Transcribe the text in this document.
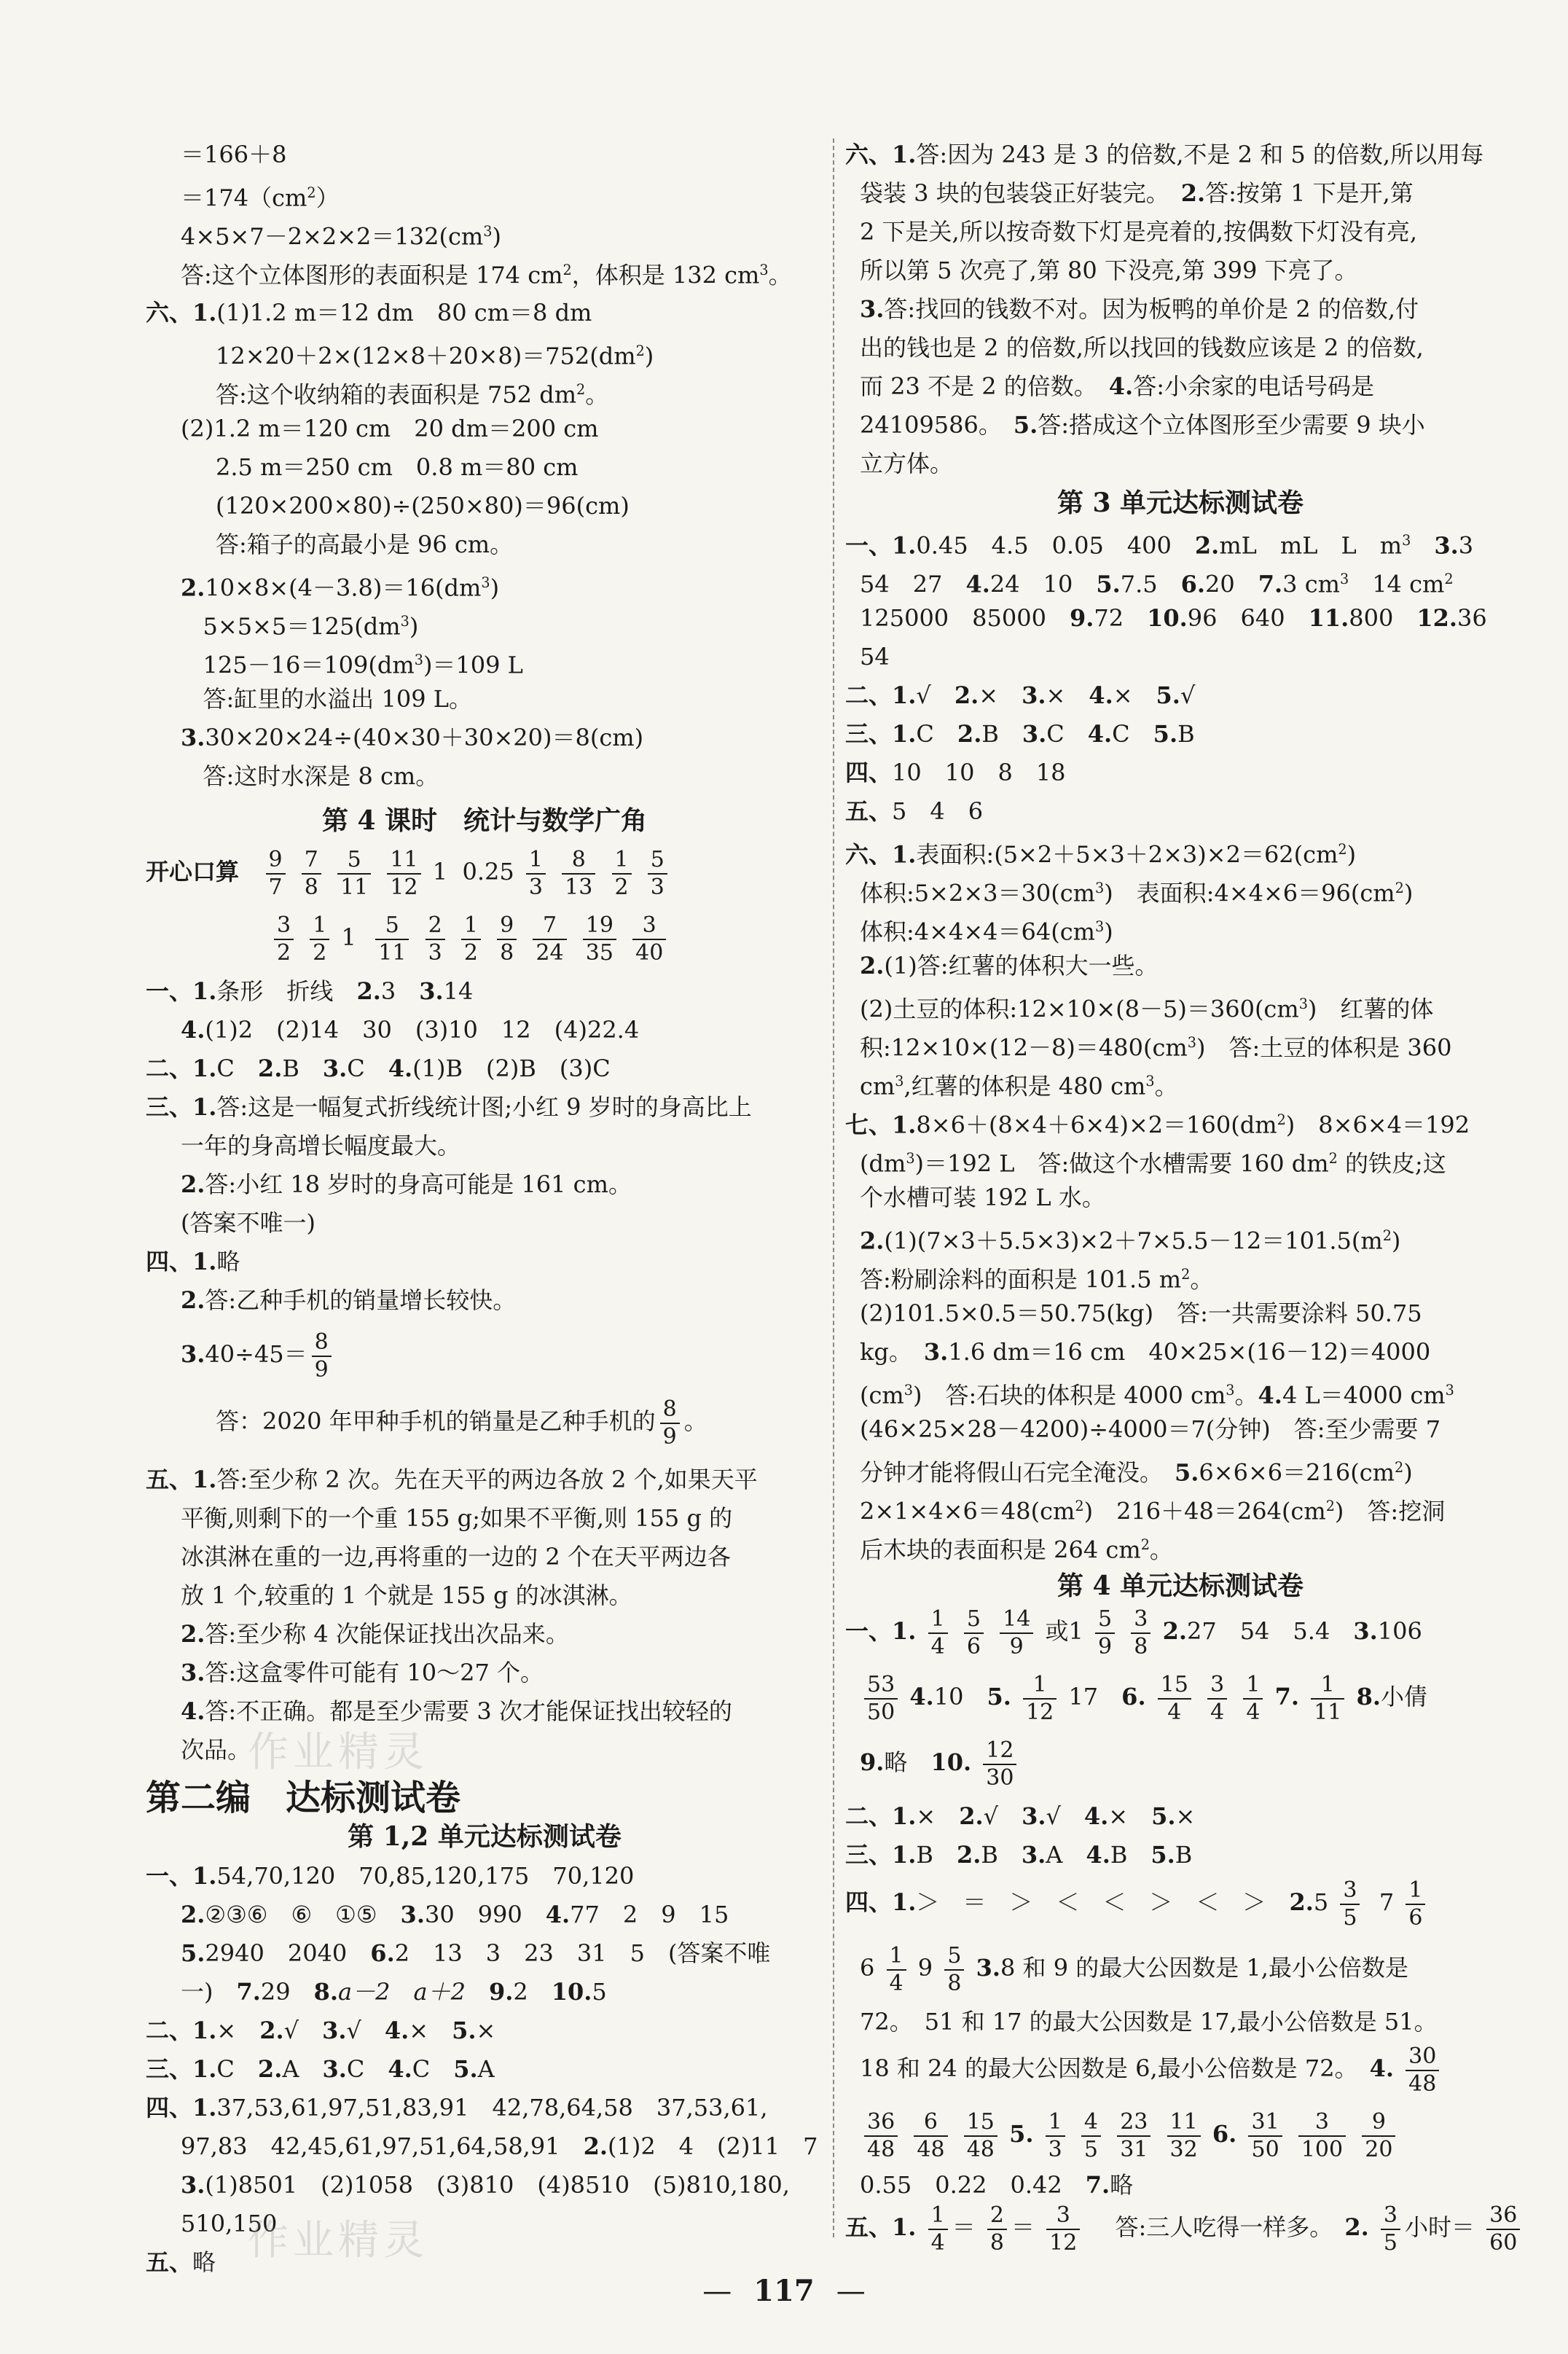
＝166＋8
$=174(cm^2)$
$4\times 5\times 7-2\times 2\times 2=132(cm^3)$
答:这个立体图形的表面积是 174 $cm^2$，体积是 132 $cm^3$。
六、1.(1)1.2 m＝12 dm　80 cm＝8 dm
$12\times 20+2\times(12\times 8+20\times 8)=752(dm^2)$
答:这个收纳箱的表面积是 752 $dm^2$。
(2)1.2 m＝120 cm　20 dm＝200 cm
2.5 m＝250 cm　0.8 m＝80 cm
(120×200×80)÷(250×80)＝96(cm)
答:箱子的高最小是 96 cm。
$2.10\times 8\times(4-3.8)=16(dm^3)$
$5\times 5\times 5=125(dm^3)$
$125-16=109(dm^3)=109$ L
答:缸里的水溢出 109 L。
3.30×20×24÷(40×30＋30×20)＝8(cm)
答:这时水深是 8 cm。
第 4 课时　统计与数学广角
开心口算 $\frac{9}{7}$
$\frac{7}{8}$
$\frac{5}{11}$
$\frac{11}{12} 1$ $0.25 \frac{1}{3}$
$\frac{8}{13}$
$\frac{1}{2}$
$\frac{5}{3}$
$\frac{3}{2}$
$\frac{1}{2} 1 \frac{5}{11}$
$\frac{2}{3}$
$\frac{1}{2}$
$\frac{9}{8}$
$\frac{7}{24}$
$\frac{19}{35}$
$\frac{3}{40}$
一、1.条形　折线　2.3　3.14
4.(1)2　(2)14　30　(3)10　12　(4)22.4
二、1.C　2.B　3.C　4.(1)B　(2)B　(3)C
三、1.答:这是一幅复式折线统计图;小红 9 岁时的身高比上
一年的身高增长幅度最大。
2.答:小红 18 岁时的身高可能是 161 cm。
(答案不唯一)
四、1.略
2.答:乙种手机的销量增长较快。
$3.40\div 45= \frac{8}{9}$
答：2020 年甲种手机的销量是乙种手机的 $\frac{8}{9}$ 。
五、1.答:至少称 2 次。先在天平的两边各放 2 个,如果天平
平衡,则剩下的一个重 155 g;如果不平衡,则 155 g 的
冰淇淋在重的一边,再将重的一边的 2 个在天平两边各
放 1 个,较重的 1 个就是 155 g 的冰淇淋。
2.答:至少称 4 次能保证找出次品来。
3.答:这盒零件可能有 10～27 个。
4.答:不正确。都是至少需要 3 次才能保证找出较轻的
次品。
第二编　达标测试卷
第 1,2 单元达标测试卷
一、1.54,70,120　70,85,120,175　70,120
2.②③⑥　⑥　①⑤　3.30　990　4.77　2　9　15
5.2940　2040　6.2　13　3　23　31　5　(答案不唯
一)　7.29　8.a－2　a＋2　9.2　10.5
二、1.×　2.√　3.√　4.×　5.×
三、1.C　2.A　3.C　4.C　5.A
四、1.37,53,61,97,51,83,91　42,78,64,58　37,53,61,
97,83　42,45,61,97,51,64,58,91　2.(1)2　4　(2)11　7
3.(1)8501　(2)1058　(3)810　(4)8510　(5)810,180,
510,150
五、略
六、1.答:因为 243 是 3 的倍数,不是 2 和 5 的倍数,所以用每
袋装 3 块的包装袋正好装完。　2.答:按第 1 下是开,第
2 下是关,所以按奇数下灯是亮着的,按偶数下灯没有亮,
所以第 5 次亮了,第 80 下没亮,第 399 下亮了。
3.答:找回的钱数不对。因为板鸭的单价是 2 的倍数,付
出的钱也是 2 的倍数,所以找回的钱数应该是 2 的倍数,
而 23 不是 2 的倍数。　4.答:小余家的电话号码是
24109586。　5.答:搭成这个立体图形至少需要 9 块小
立方体。
第 3 单元达标测试卷
一、1.0.45　4.5　0.05　400　2.mL　mL　L　$m^3$　 3.3
54　27　4.24　10　5.7.5　6.20　7.3 $cm^3$　14 $cm^2$
125000　85000　9.72　10.96　640　11.800　12.36
54
二、1.√　2.×　3.×　4.×　5.√
三、1.C　2.B　3.C　4.C　5.B
四、10　10　8　18
五、5　4　6
六、1.表面积$:(5\times 2+5\times 3+2\times 3)\times 2=62(cm^2)$
体积$:5\times 2\times 3=30(cm^3)$　表面积$:4\times 4\times 6=96(cm^2)$
体积$:4\times 4\times 4=64(cm^3)$
2.(1)答:红薯的体积大一些。
(2)土豆的体积$:12\times 10\times(8-5)=360(cm^3)$　红薯的体
积$:12\times 10\times(12-8)=480(cm^3)$　答:土豆的体积是 360
$cm^3$,红薯的体积是 480 $cm^3$。
七、$1.8\times 6+(8\times 4+6\times 4)\times 2=160(dm^2)$　8×6×4＝192
$(dm^3)=192$ L　答:做这个水槽需要 160 $dm^2$ 的铁皮;这
个水槽可装 192 L 水。
$2.(1)(7\times 3+5.5\times 3)\times 2+7\times 5.5-12=101.5(m^2)$
答:粉刷涂料的面积是 101.5 $m^2$。
(2)101.5×0.5＝50.75(kg)　答:一共需要涂料 50.75
kg。　3.1.6 dm＝16 cm　40×25×(16－12)＝4000
$(cm^3)$　答:石块的体积是 4000 $cm^3$。4.4 L＝4000 $cm^3$
(46×25×28－4200)÷4000＝7(分钟)　答:至少需要 7
分钟才能将假山石完全淹没。　$5.6\times 6\times 6=216(cm^2)$
$2\times 1\times 4\times 6=48(cm^2)$　$216+48=264(cm^2)$　答:挖洞
后木块的表面积是 264 $cm^2$。
第 4 单元达标测试卷
一、1. $\frac{1}{4}$
$\frac{5}{6}$
$\frac{14}{9}$ 或$1 \frac{5}{9}$
$\frac{3}{8} 2.27$　54　5.4　3.106
$\frac{53}{50} 4.10$　5. $\frac{1}{12} 17$　6. $\frac{15}{4}$
$\frac{3}{4}$
$\frac{1}{4} 7$. $\frac{1}{11} 8$.小倩
9.略　10. $\frac{12}{30}$
二、1.×　2.√　3.√　4.×　5.×
三、1.B　2.B　3.A　4.B　5.B
四、1.＞　＝　＞　＜　＜　＞　＜　＞　$2.5 \frac{3}{5} 7 \frac{1}{6}$
$6 \frac{1}{4} 9 \frac{5}{8} 3.8$ 和 9 的最大公因数是 1,最小公倍数是
72。　51 和 17 的最大公因数是 17,最小公倍数是 51。
18 和 24 的最大公因数是 6,最小公倍数是 72。　4. $\frac{30}{48}$
$\frac{36}{48}$
$\frac{6}{48}$
$\frac{15}{48} 5$. $\frac{1}{3}$
$\frac{4}{5}$
$\frac{23}{31}$
$\frac{11}{32} 6$. $\frac{31}{50}$
$\frac{3}{100}$
$\frac{9}{20}$
0.55　0.22　0.42　7.略
五、1. $\frac{1}{4} = \frac{2}{8} = \frac{3}{12}$ 　答:三人吃得一样多。　2. $\frac{3}{5}$ 小时＝ $\frac{36}{60}$
作业精灵
作业精灵
— 117 —
